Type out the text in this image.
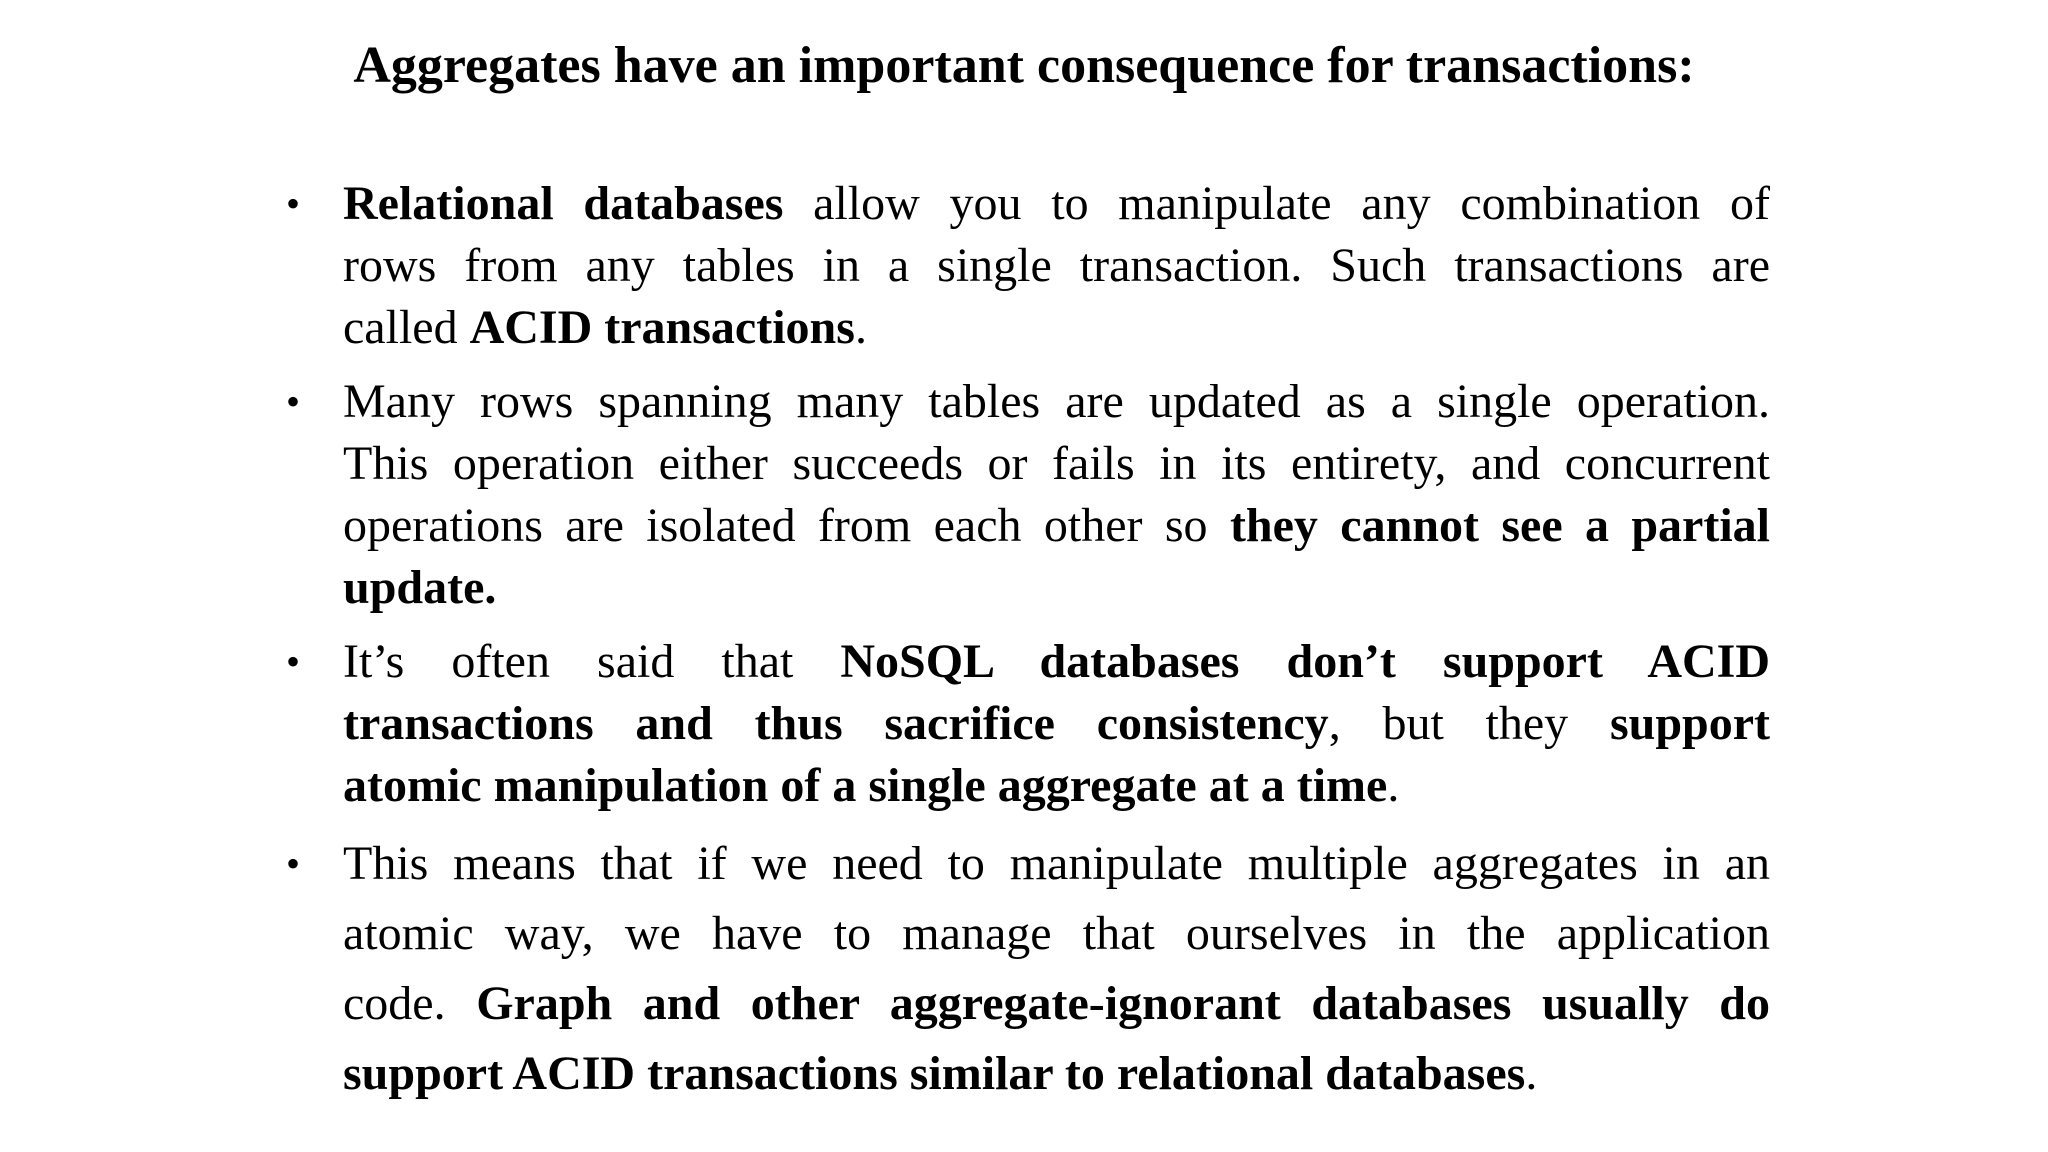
Aggregates have an important consequence for transactions:
• Relational databases allow you to manipulate any combination of
rows from any tables in a single transaction. Such transactions are
called ACID transactions.
• Many rows spanning many tables are updated as a single operation.
This operation either succeeds or fails in its entirety, and concurrent
operations are isolated from each other so they cannot see a partial
update.
• It’s often said that NoSQL databases don’t support ACID
transactions and thus sacrifice consistency, but they support
atomic manipulation of a single aggregate at a time.
• This means that if we need to manipulate multiple aggregates in an
atomic way, we have to manage that ourselves in the application
code. Graph and other aggregate-ignorant databases usually do
support ACID transactions similar to relational databases.
